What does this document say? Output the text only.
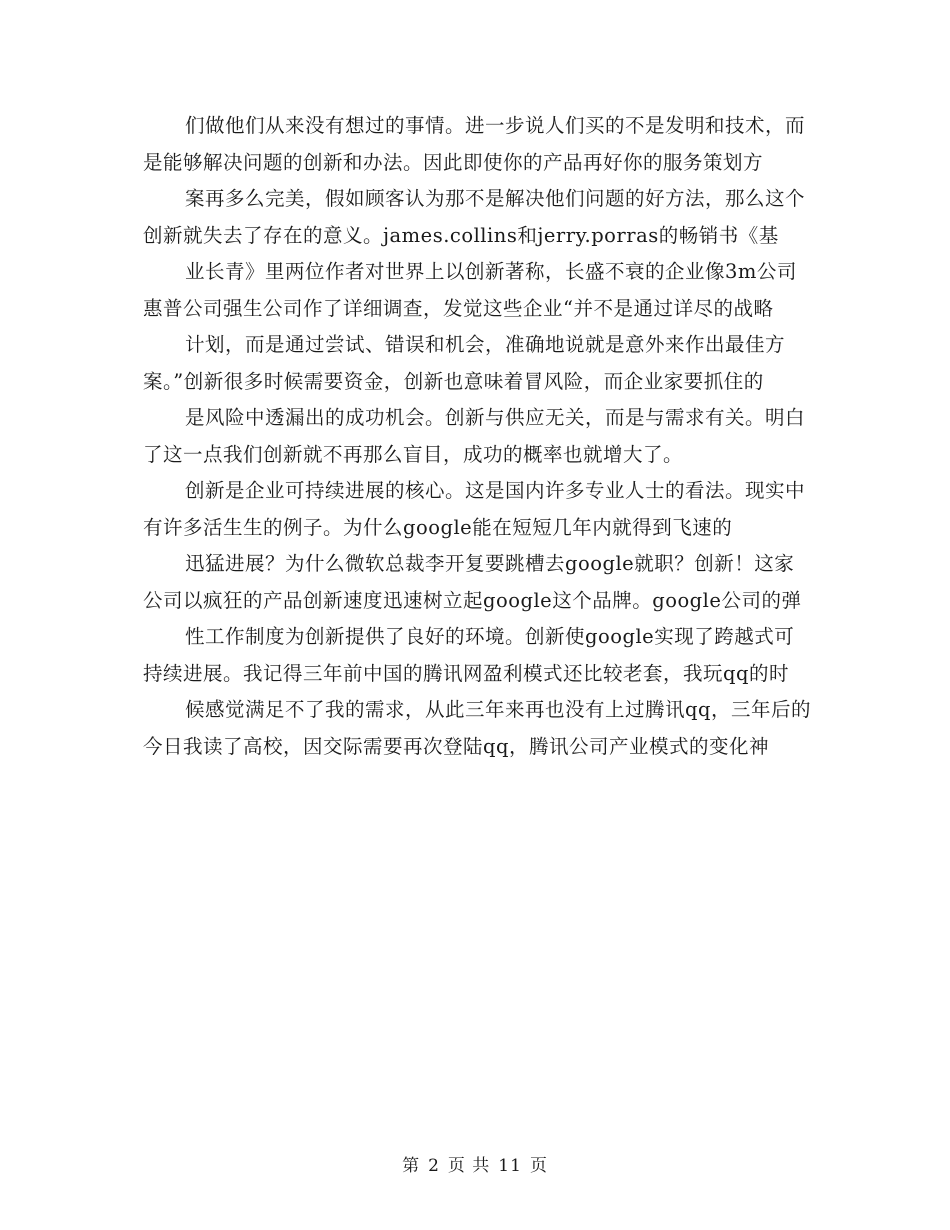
们做他们从来没有想过的事情。进一步说人们买的不是发明和技术，而是能够解决问题的创新和办法。因此即使你的产品再好你的服务策划方

案再多么完美，假如顾客认为那不是解决他们问题的好方法，那么这个创新就失去了存在的意义。james.collins和jerry.porras的畅销书《基

业长青》里两位作者对世界上以创新著称，长盛不衰的企业像3m公司惠普公司强生公司作了详细调查，发觉这些企业“并不是通过详尽的战略

计划，而是通过尝试、错误和机会，准确地说就是意外来作出最佳方案。”创新很多时候需要资金，创新也意味着冒风险，而企业家要抓住的

是风险中透漏出的成功机会。创新与供应无关，而是与需求有关。明白了这一点我们创新就不再那么盲目，成功的概率也就增大了。

创新是企业可持续进展的核心。这是国内许多专业人士的看法。现实中有许多活生生的例子。为什么google能在短短几年内就得到飞速的

迅猛进展？为什么微软总裁李开复要跳槽去google就职？创新！这家公司以疯狂的产品创新速度迅速树立起google这个品牌。google公司的弹

性工作制度为创新提供了良好的环境。创新使google实现了跨越式可持续进展。我记得三年前中国的腾讯网盈利模式还比较老套，我玩qq的时

候感觉满足不了我的需求，从此三年来再也没有上过腾讯qq，三年后的今日我读了高校，因交际需要再次登陆qq，腾讯公司产业模式的变化神

第 2 页 共 11 页
